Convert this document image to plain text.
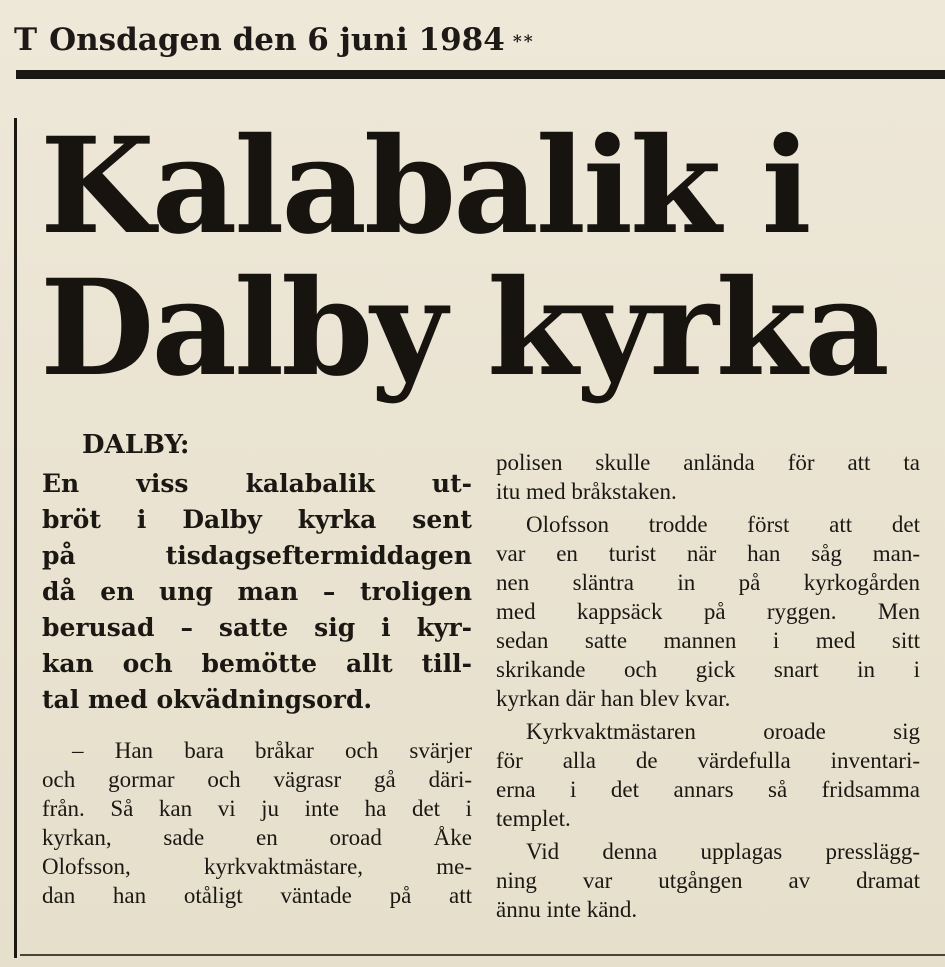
T Onsdagen den 6 juni 1984 **
Kalabalik i
Dalby kyrka
DALBY:
En viss kalabalik ut-
bröt i Dalby kyrka sent
på tisdagseftermiddagen
då en ung man – troligen
berusad – satte sig i kyr-
kan och bemötte allt till-
tal med okvädningsord.
– Han bara bråkar och svärjer
och gormar och vägrasr gå däri-
från. Så kan vi ju inte ha det i
kyrkan, sade en oroad Åke
Olofsson, kyrkvaktmästare, me-
dan han otåligt väntade på att
polisen skulle anlända för att ta
itu med bråkstaken.
Olofsson trodde först att det
var en turist när han såg man-
nen släntra in på kyrkogården
med kappsäck på ryggen. Men
sedan satte mannen i med sitt
skrikande och gick snart in i
kyrkan där han blev kvar.
Kyrkvaktmästaren oroade sig
för alla de värdefulla inventari-
erna i det annars så fridsamma
templet.
Vid denna upplagas presslägg-
ning var utgången av dramat
ännu inte känd.
